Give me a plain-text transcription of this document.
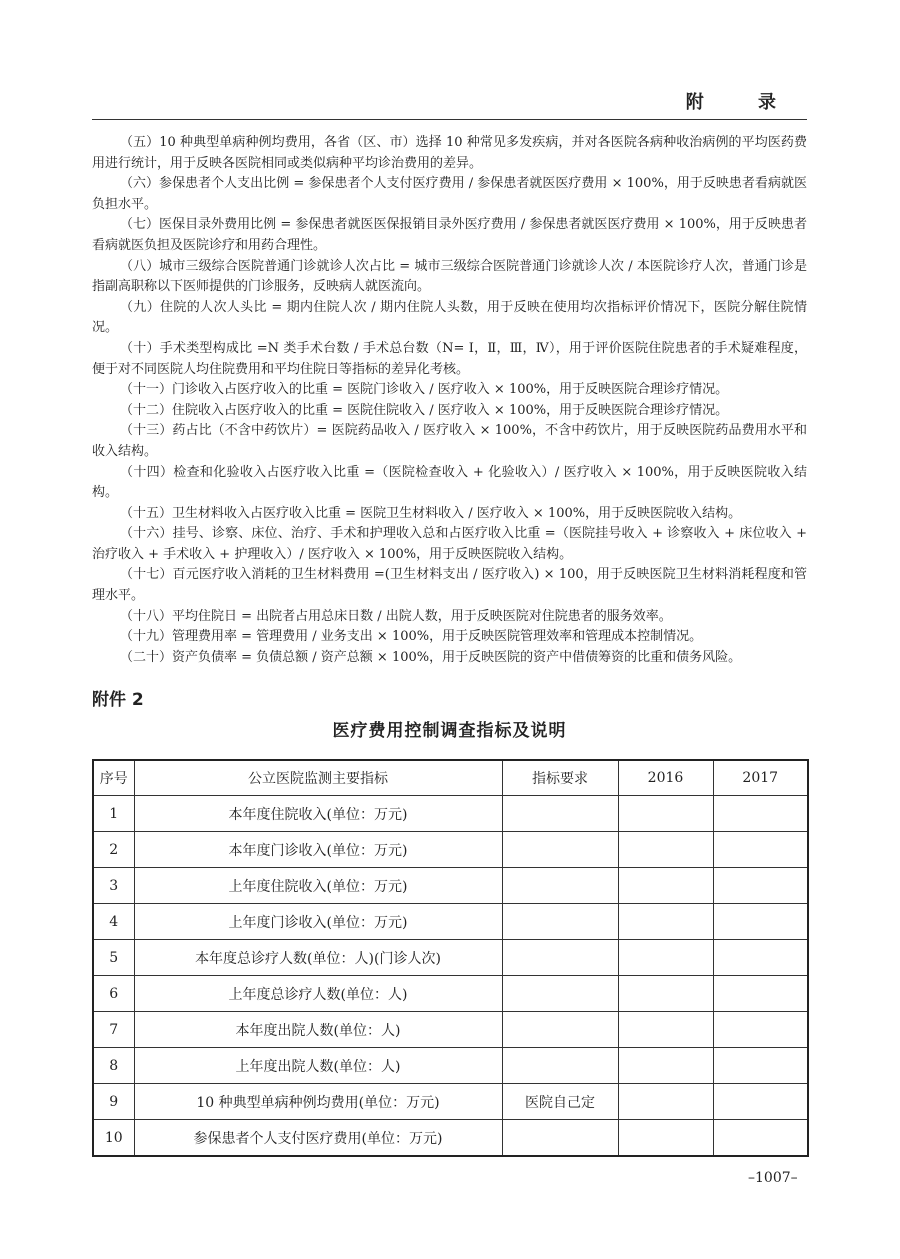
附 录

（五）10 种典型单病种例均费用，各省（区、市）选择 10 种常见多发疾病，并对各医院各病种收治病例的平均医药费用进行统计，用于反映各医院相同或类似病种平均诊治费用的差异。

（六）参保患者个人支出比例 = 参保患者个人支付医疗费用 / 参保患者就医医疗费用 × 100%，用于反映患者看病就医负担水平。

（七）医保目录外费用比例 = 参保患者就医医保报销目录外医疗费用 / 参保患者就医医疗费用 × 100%，用于反映患者看病就医负担及医院诊疗和用药合理性。

（八）城市三级综合医院普通门诊就诊人次占比 = 城市三级综合医院普通门诊就诊人次 / 本医院诊疗人次，普通门诊是指副高职称以下医师提供的门诊服务，反映病人就医流向。

（九）住院的人次人头比 = 期内住院人次 / 期内住院人头数，用于反映在使用均次指标评价情况下，医院分解住院情况。

（十）手术类型构成比 =N 类手术台数 / 手术总台数（N= Ⅰ，Ⅱ，Ⅲ，Ⅳ），用于评价医院住院患者的手术疑难程度，便于对不同医院人均住院费用和平均住院日等指标的差异化考核。

（十一）门诊收入占医疗收入的比重 = 医院门诊收入 / 医疗收入 × 100%，用于反映医院合理诊疗情况。

（十二）住院收入占医疗收入的比重 = 医院住院收入 / 医疗收入 × 100%，用于反映医院合理诊疗情况。

（十三）药占比（不含中药饮片）= 医院药品收入 / 医疗收入 × 100%，不含中药饮片，用于反映医院药品费用水平和收入结构。

（十四）检查和化验收入占医疗收入比重 =（医院检查收入 + 化验收入）/ 医疗收入 × 100%，用于反映医院收入结构。

（十五）卫生材料收入占医疗收入比重 = 医院卫生材料收入 / 医疗收入 × 100%，用于反映医院收入结构。

（十六）挂号、诊察、床位、治疗、手术和护理收入总和占医疗收入比重 =（医院挂号收入 + 诊察收入 + 床位收入 + 治疗收入 + 手术收入 + 护理收入）/ 医疗收入 × 100%，用于反映医院收入结构。

（十七）百元医疗收入消耗的卫生材料费用 =(卫生材料支出 / 医疗收入) × 100，用于反映医院卫生材料消耗程度和管理水平。

（十八）平均住院日 = 出院者占用总床日数 / 出院人数，用于反映医院对住院患者的服务效率。

（十九）管理费用率 = 管理费用 / 业务支出 × 100%，用于反映医院管理效率和管理成本控制情况。

（二十）资产负债率 = 负债总额 / 资产总额 × 100%，用于反映医院的资产中借债筹资的比重和债务风险。

附件 2
医疗费用控制调查指标及说明
序号	公立医院监测主要指标	指标要求	2016	2017
1	本年度住院收入(单位：万元)			
2	本年度门诊收入(单位：万元)			
3	上年度住院收入(单位：万元)			
4	上年度门诊收入(单位：万元)			
5	本年度总诊疗人数(单位：人)(门诊人次)			
6	上年度总诊疗人数(单位：人)			
7	本年度出院人数(单位：人)			
8	上年度出院人数(单位：人)			
9	10 种典型单病种例均费用(单位：万元)	医院自己定		
10	参保患者个人支付医疗费用(单位：万元)			
–1007–
